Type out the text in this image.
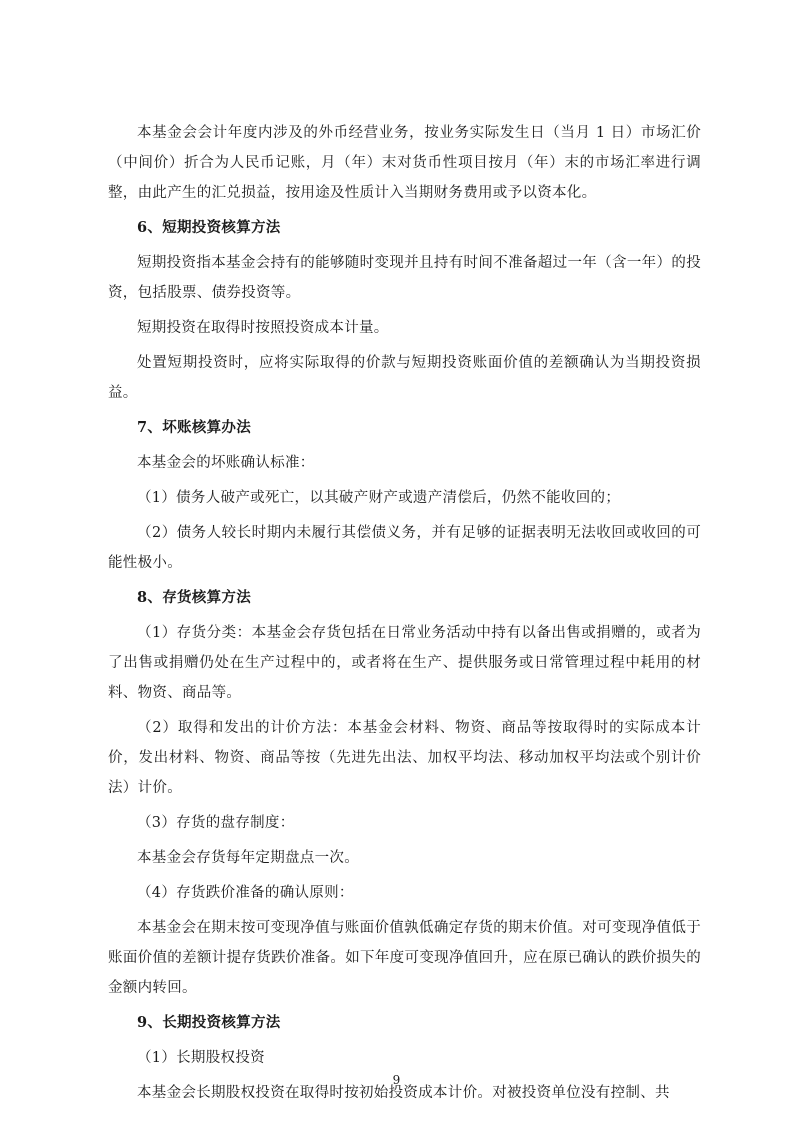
本基金会会计年度内涉及的外币经营业务，按业务实际发生日（当月 1 日）市场汇价（中间价）折合为人民币记账，月（年）末对货币性项目按月（年）末的市场汇率进行调整，由此产生的汇兑损益，按用途及性质计入当期财务费用或予以资本化。

6、短期投资核算方法

短期投资指本基金会持有的能够随时变现并且持有时间不准备超过一年（含一年）的投资，包括股票、债券投资等。

短期投资在取得时按照投资成本计量。

处置短期投资时，应将实际取得的价款与短期投资账面价值的差额确认为当期投资损益。

7、坏账核算办法

本基金会的坏账确认标准：

（1）债务人破产或死亡，以其破产财产或遗产清偿后，仍然不能收回的；

（2）债务人较长时期内未履行其偿债义务，并有足够的证据表明无法收回或收回的可能性极小。

8、存货核算方法

（1）存货分类：本基金会存货包括在日常业务活动中持有以备出售或捐赠的，或者为了出售或捐赠仍处在生产过程中的，或者将在生产、提供服务或日常管理过程中耗用的材料、物资、商品等。

（2）取得和发出的计价方法：本基金会材料、物资、商品等按取得时的实际成本计价，发出材料、物资、商品等按（先进先出法、加权平均法、移动加权平均法或个别计价法）计价。

（3）存货的盘存制度：

本基金会存货每年定期盘点一次。

（4）存货跌价准备的确认原则：

本基金会在期末按可变现净值与账面价值孰低确定存货的期末价值。对可变现净值低于账面价值的差额计提存货跌价准备。如下年度可变现净值回升，应在原已确认的跌价损失的金额内转回。

9、长期投资核算方法

（1）长期股权投资

本基金会长期股权投资在取得时按初始投资成本计价。对被投资单位没有控制、共

9
